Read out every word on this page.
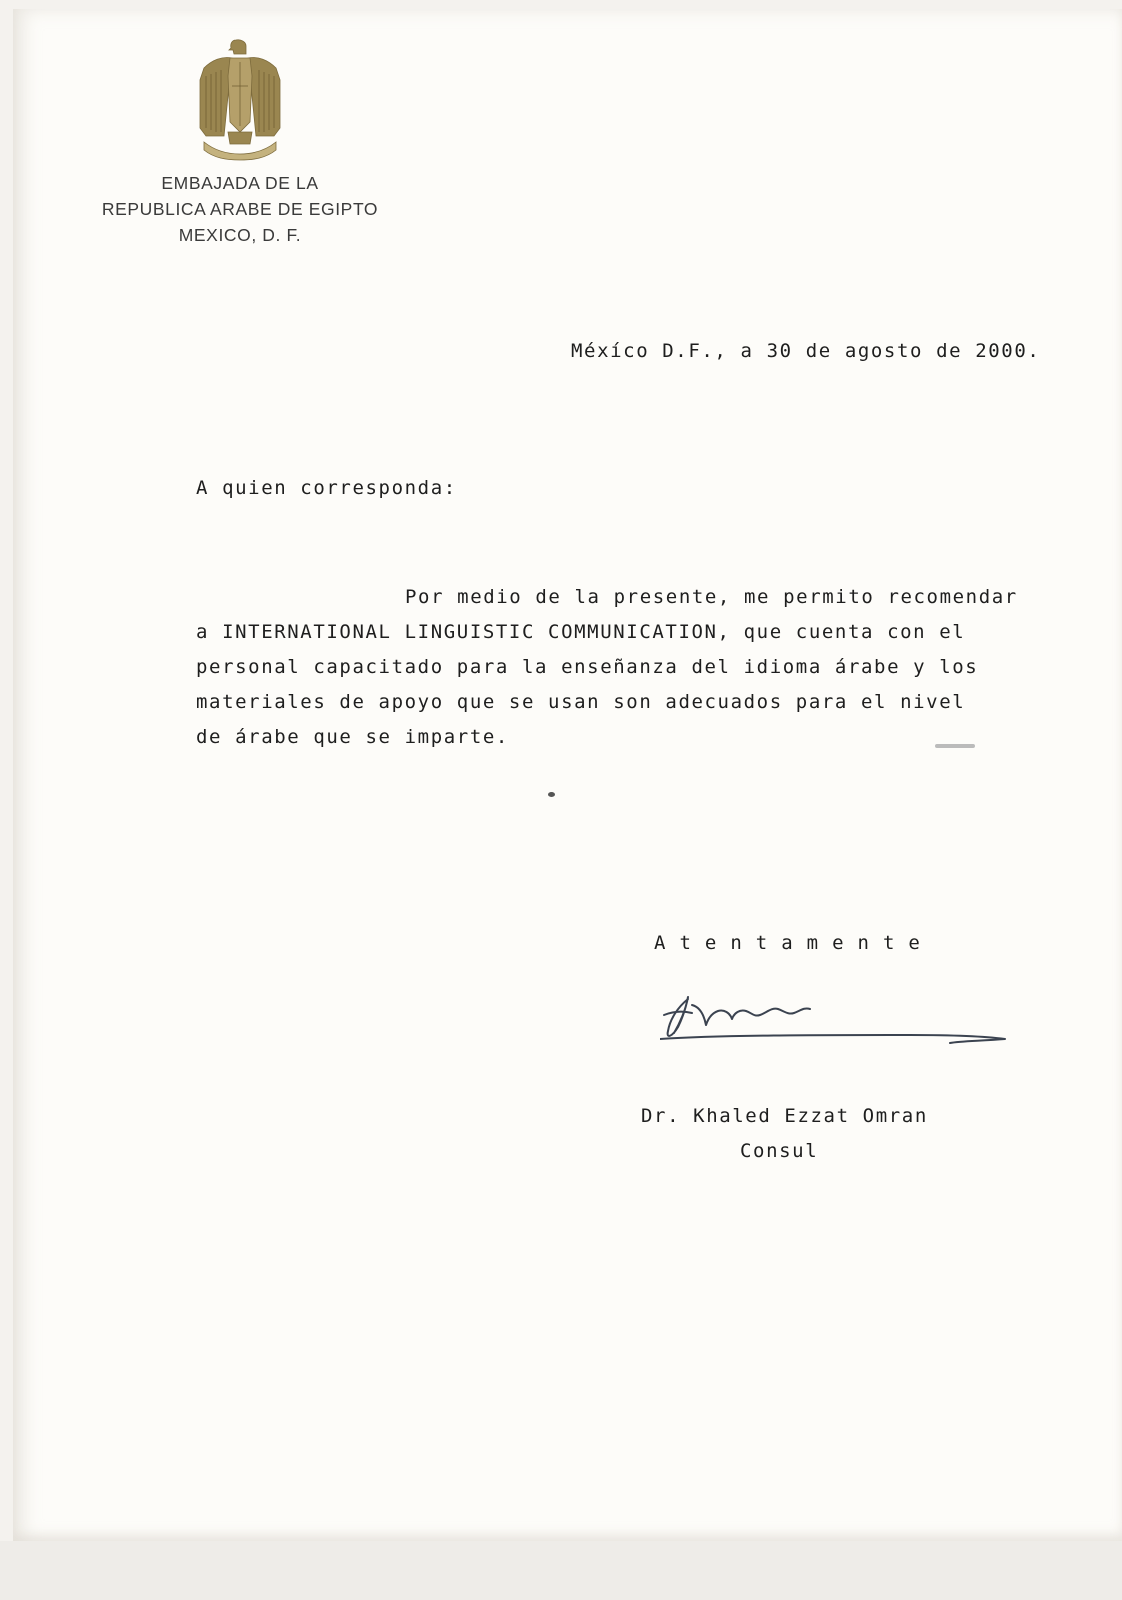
EMBAJADA DE LA
REPUBLICA ARABE DE EGIPTO
MEXICO, D. F.
Méxíco D.F., a 30 de agosto de 2000.
A quien corresponda:
Por medio de la presente, me permito recomendar
a INTERNATIONAL LINGUISTIC COMMUNICATION, que cuenta con el
personal capacitado para la enseñanza del idioma árabe y los
materiales de apoyo que se usan son adecuados para el nivel
de árabe que se imparte.
Atentamente
Dr. Khaled Ezzat Omran
Consul
